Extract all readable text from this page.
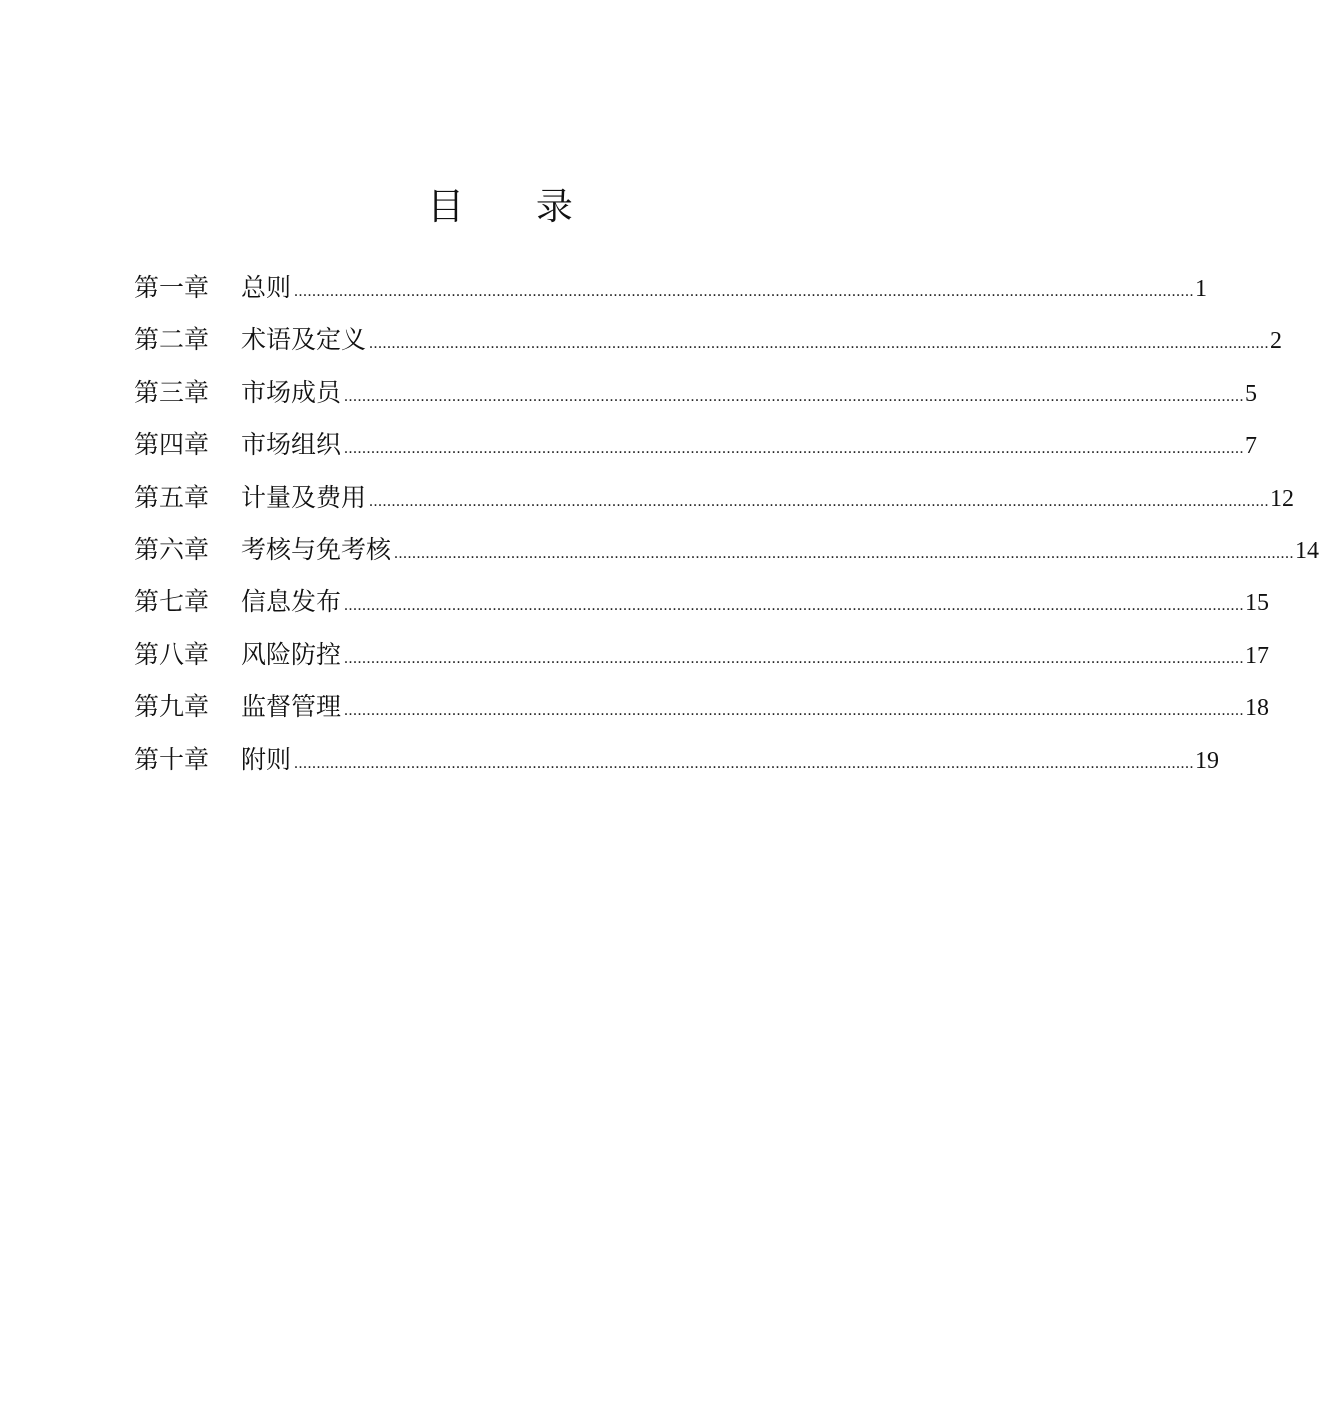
目 录
第一章	总则 ........................................................................................................................................................................................................ 1
第二章	术语及定义 ........................................................................................................................................................................................................ 2
第三章	市场成员 ........................................................................................................................................................................................................ 5
第四章	市场组织 ........................................................................................................................................................................................................ 7
第五章	计量及费用 ........................................................................................................................................................................................................ 12
第六章	考核与免考核 ........................................................................................................................................................................................................ 14
第七章	信息发布 ........................................................................................................................................................................................................ 15
第八章	风险防控 ........................................................................................................................................................................................................ 17
第九章	监督管理 ........................................................................................................................................................................................................ 18
第十章	附则 ........................................................................................................................................................................................................ 19
